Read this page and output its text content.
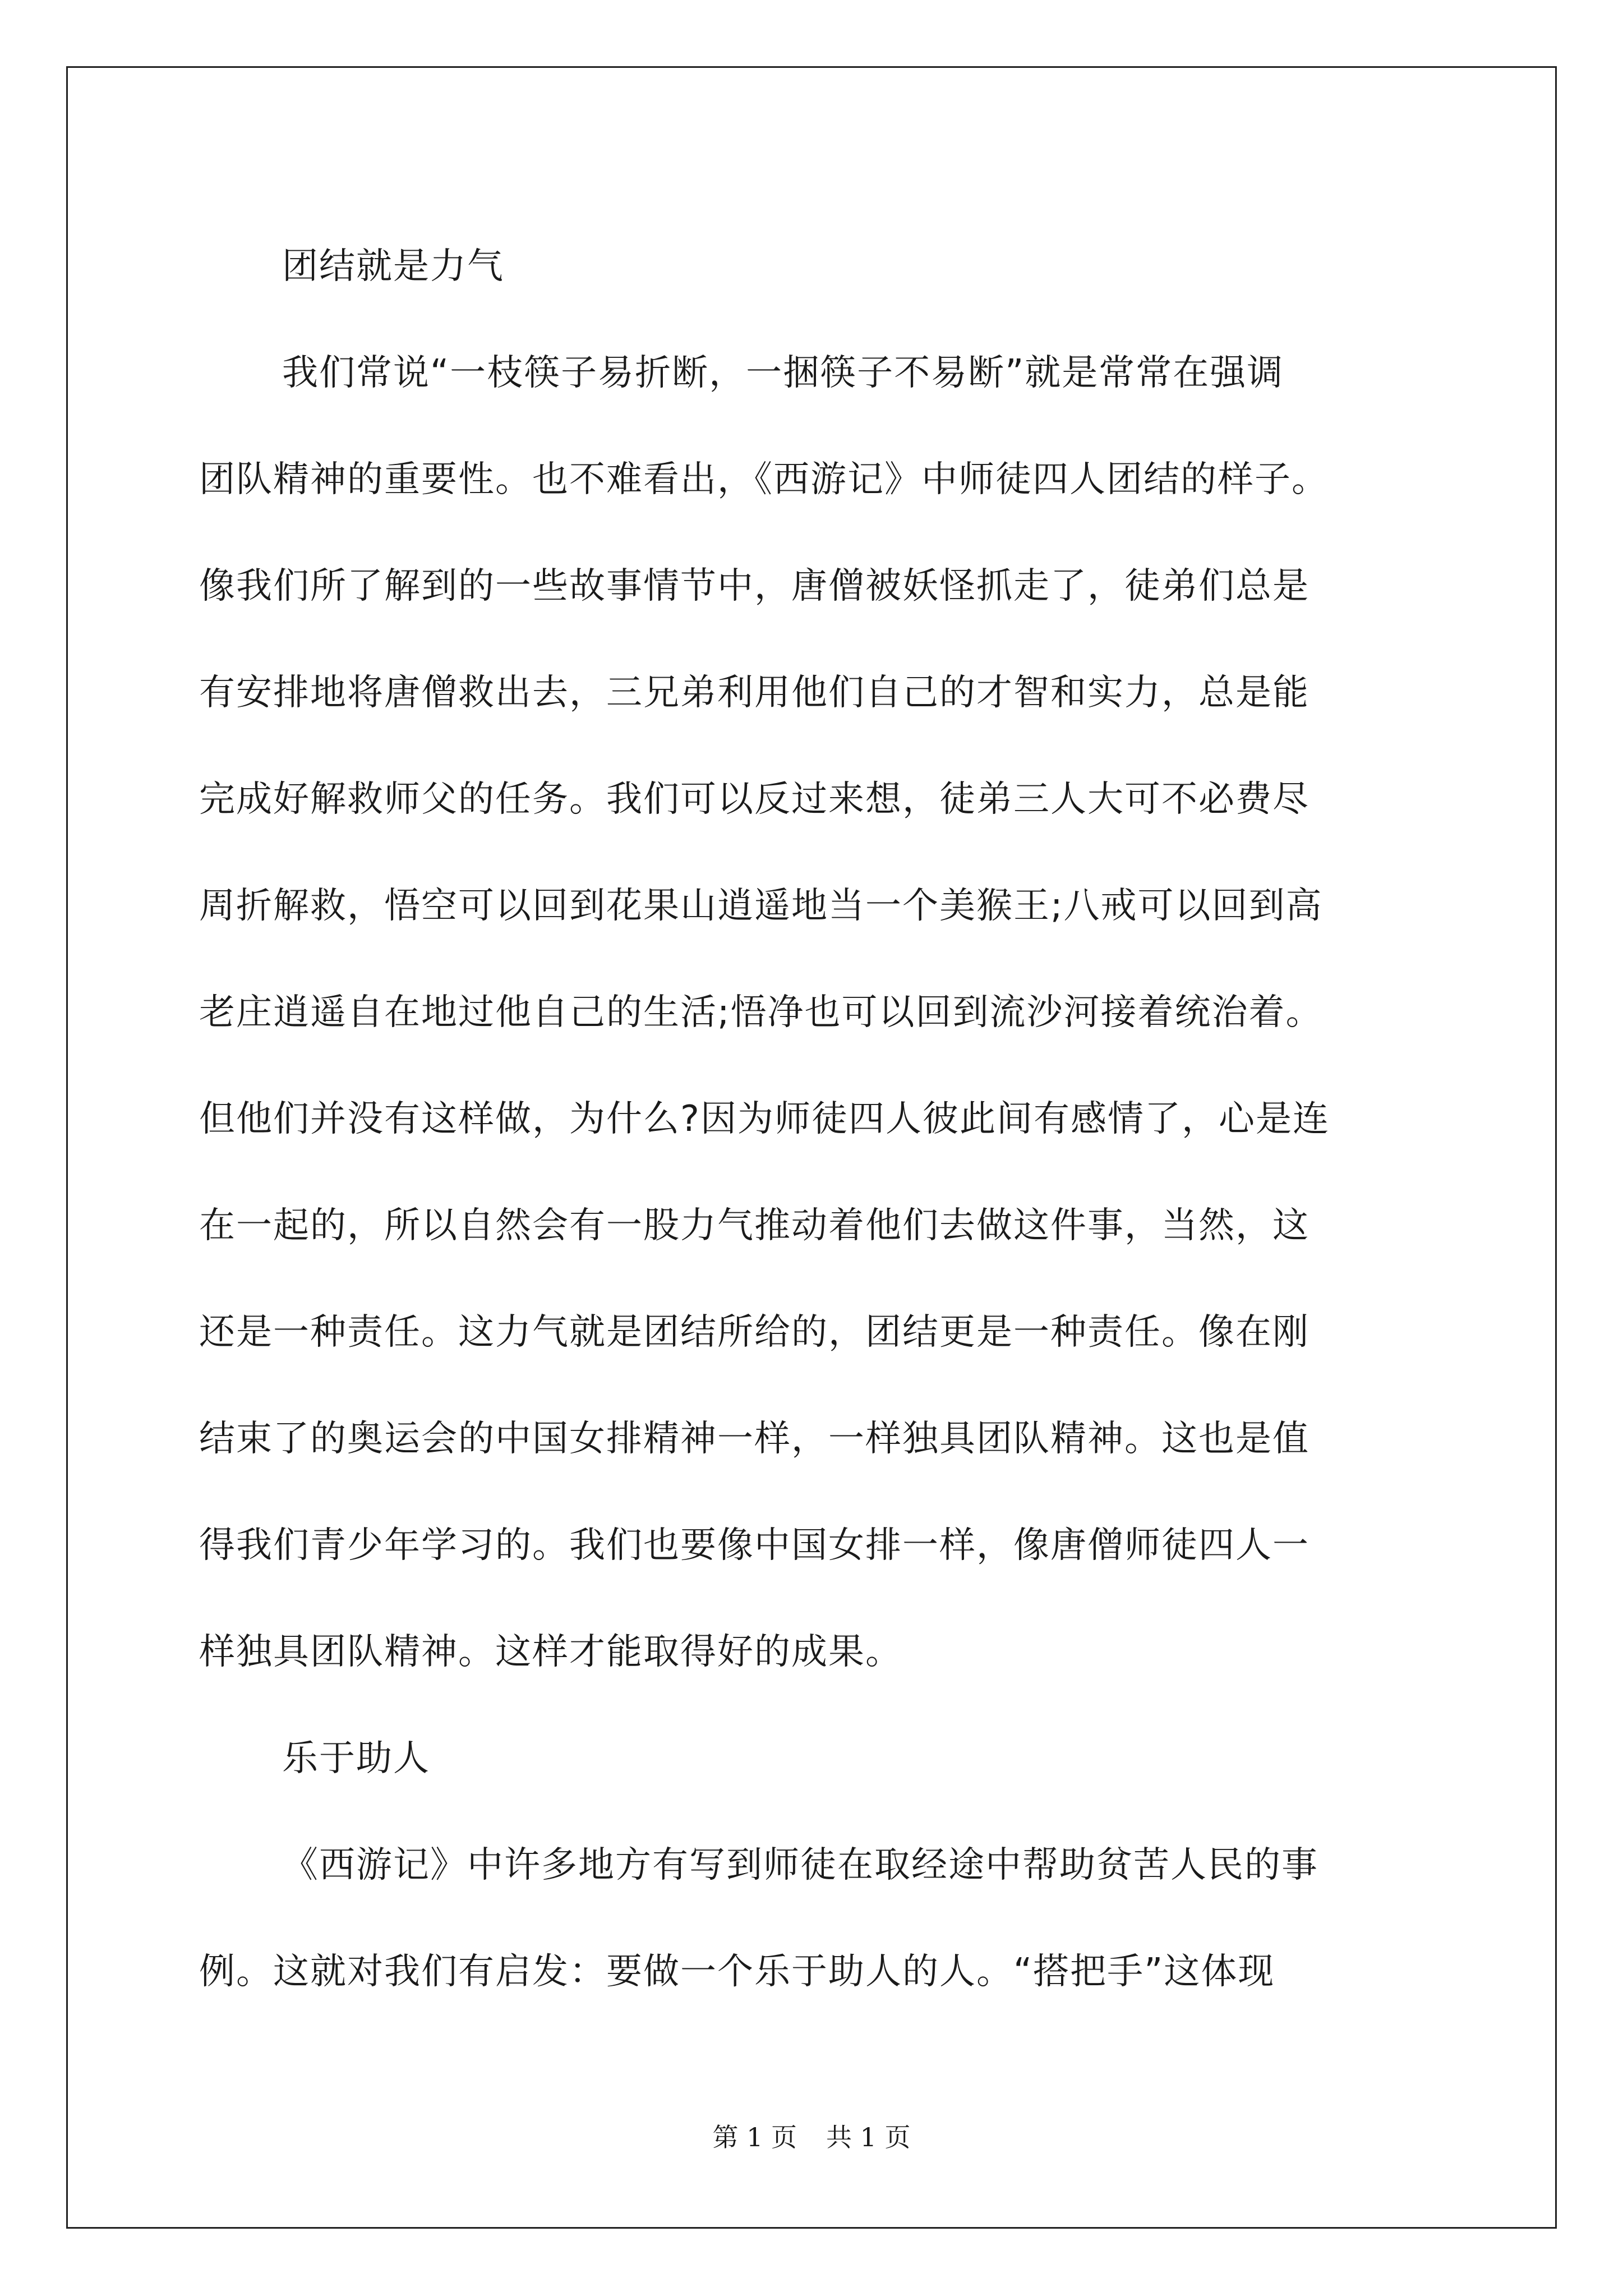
团结就是力气
我们常说“一枝筷子易折断，一捆筷子不易断”就是常常在强调
团队精神的重要性。也不难看出，《西游记》中师徒四人团结的样子。
像我们所了解到的一些故事情节中，唐僧被妖怪抓走了，徒弟们总是
有安排地将唐僧救出去，三兄弟利用他们自己的才智和实力，总是能
完成好解救师父的任务。我们可以反过来想，徒弟三人大可不必费尽
周折解救，悟空可以回到花果山逍遥地当一个美猴王;八戒可以回到高
老庄逍遥自在地过他自己的生活;悟净也可以回到流沙河接着统治着。
但他们并没有这样做，为什么?因为师徒四人彼此间有感情了，心是连
在一起的，所以自然会有一股力气推动着他们去做这件事，当然，这
还是一种责任。这力气就是团结所给的，团结更是一种责任。像在刚
结束了的奥运会的中国女排精神一样，一样独具团队精神。这也是值
得我们青少年学习的。我们也要像中国女排一样，像唐僧师徒四人一
样独具团队精神。这样才能取得好的成果。
乐于助人
《西游记》中许多地方有写到师徒在取经途中帮助贫苦人民的事
例。这就对我们有启发：要做一个乐于助人的人。“搭把手”这体现
第 1 页 共 1 页
